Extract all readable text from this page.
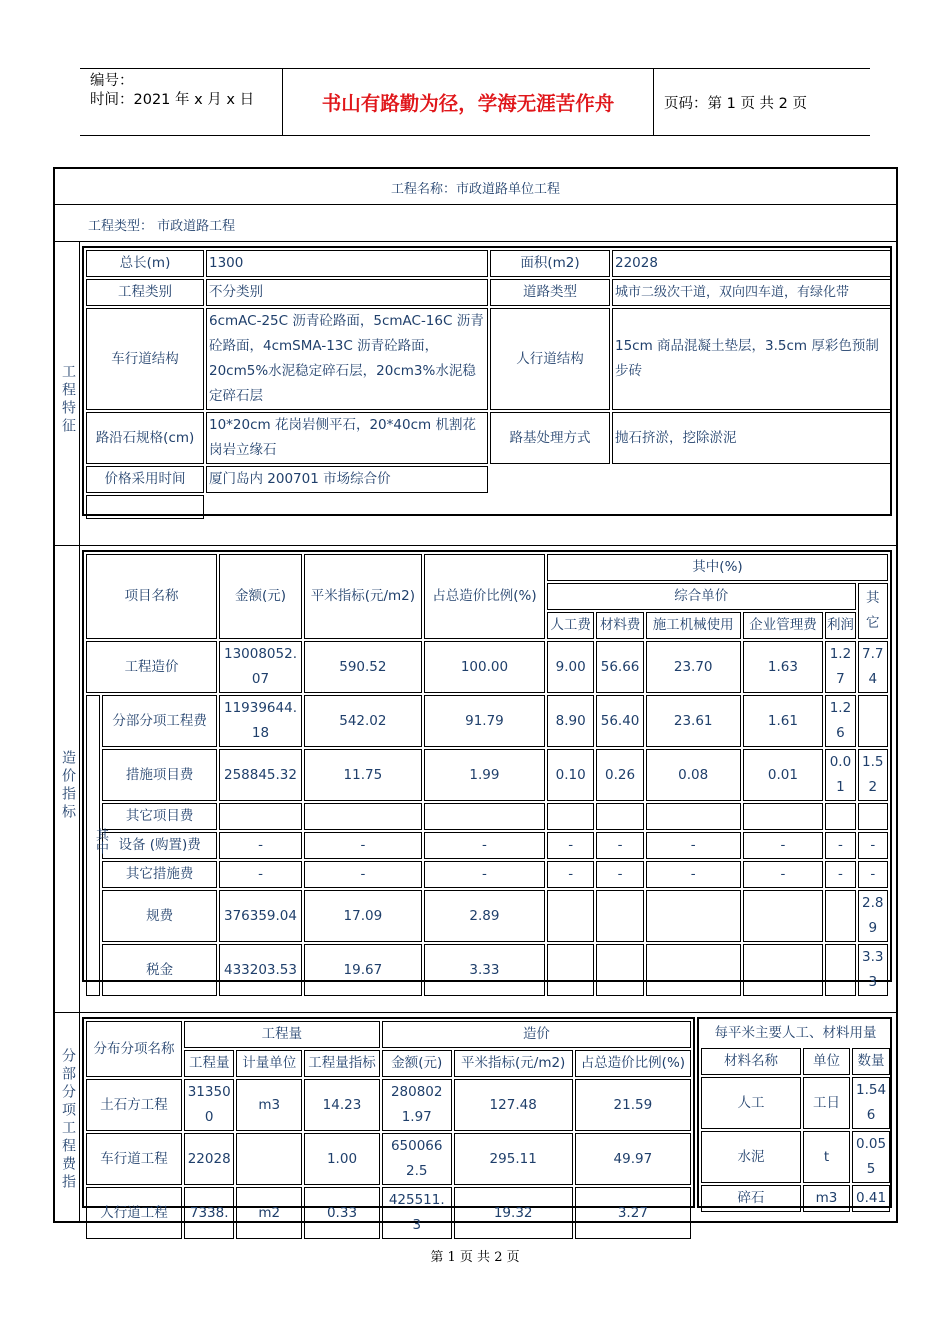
编号：
时间：2021 年 x 月 x 日	书山有路勤为径，学海无涯苦作舟	页码：第 1 页 共 2 页
工程名称：市政道路单位工程
工程类型： 市政道路工程
工程特征
造价指标
分部分项工程费指
总长(m)	1300	面积(m2)	22028
工程类别	不分类别	道路类型	城市二级次干道，双向四车道，有绿化带
车行道结构	6cmAC-25C 沥青砼路面，5cmAC-16C 沥青砼路面，4cmSMA-13C 沥青砼路面，20cm5%水泥稳定碎石层，20cm3%水泥稳定碎石层	人行道结构	15cm 商品混凝土垫层，3.5cm 厚彩色预制步砖
路沿石规格(cm)	10*20cm 花岗岩侧平石，20*40cm 机割花岗岩立缘石	路基处理方式	抛石挤淤，挖除淤泥
价格采用时间	厦门岛内 200701 市场综合价		

项目名称		金额(元)	平米指标(元/m2)	占总造价比例(%)	其中(%)					
					综合单价					其它
					人工费	材料费	施工机械使用	企业管理费	利润	
工程造价		13008052.07	590.52	100.00	9.00	56.66	23.70	1.63	1.27	7.74
其中	分部分项工程费	11939644.18	542.02	91.79	8.90	56.40	23.61	1.61	1.26	
	措施项目费	258845.32	11.75	1.99	0.10	0.26	0.08	0.01	0.01	1.52
	其它项目费									
	设备 (购置)费	-	-	-	-	-	-	-	-	-
	其它措施费	-	-	-	-	-	-	-	-	-
	规费	376359.04	17.09	2.89						2.89
	税金	433203.53	19.67	3.33						3.33
分布分项名称	工程量			造价		
	工程量	计量单位	工程量指标	金额(元)	平米指标(元/m2)	占总造价比例(%)
土石方工程	313500	m3	14.23	2808021.97	127.48	21.59
车行道工程	22028		1.00	6500662.5	295.11	49.97
人行道工程	7338.	m2	0.33	425511.3	19.32	3.27
每平米主要人工、材料用量		
材料名称	单位	数量
人工	工日	1.546
水泥	t	0.055
碎石	m3	0.41
第 1 页 共 2 页
